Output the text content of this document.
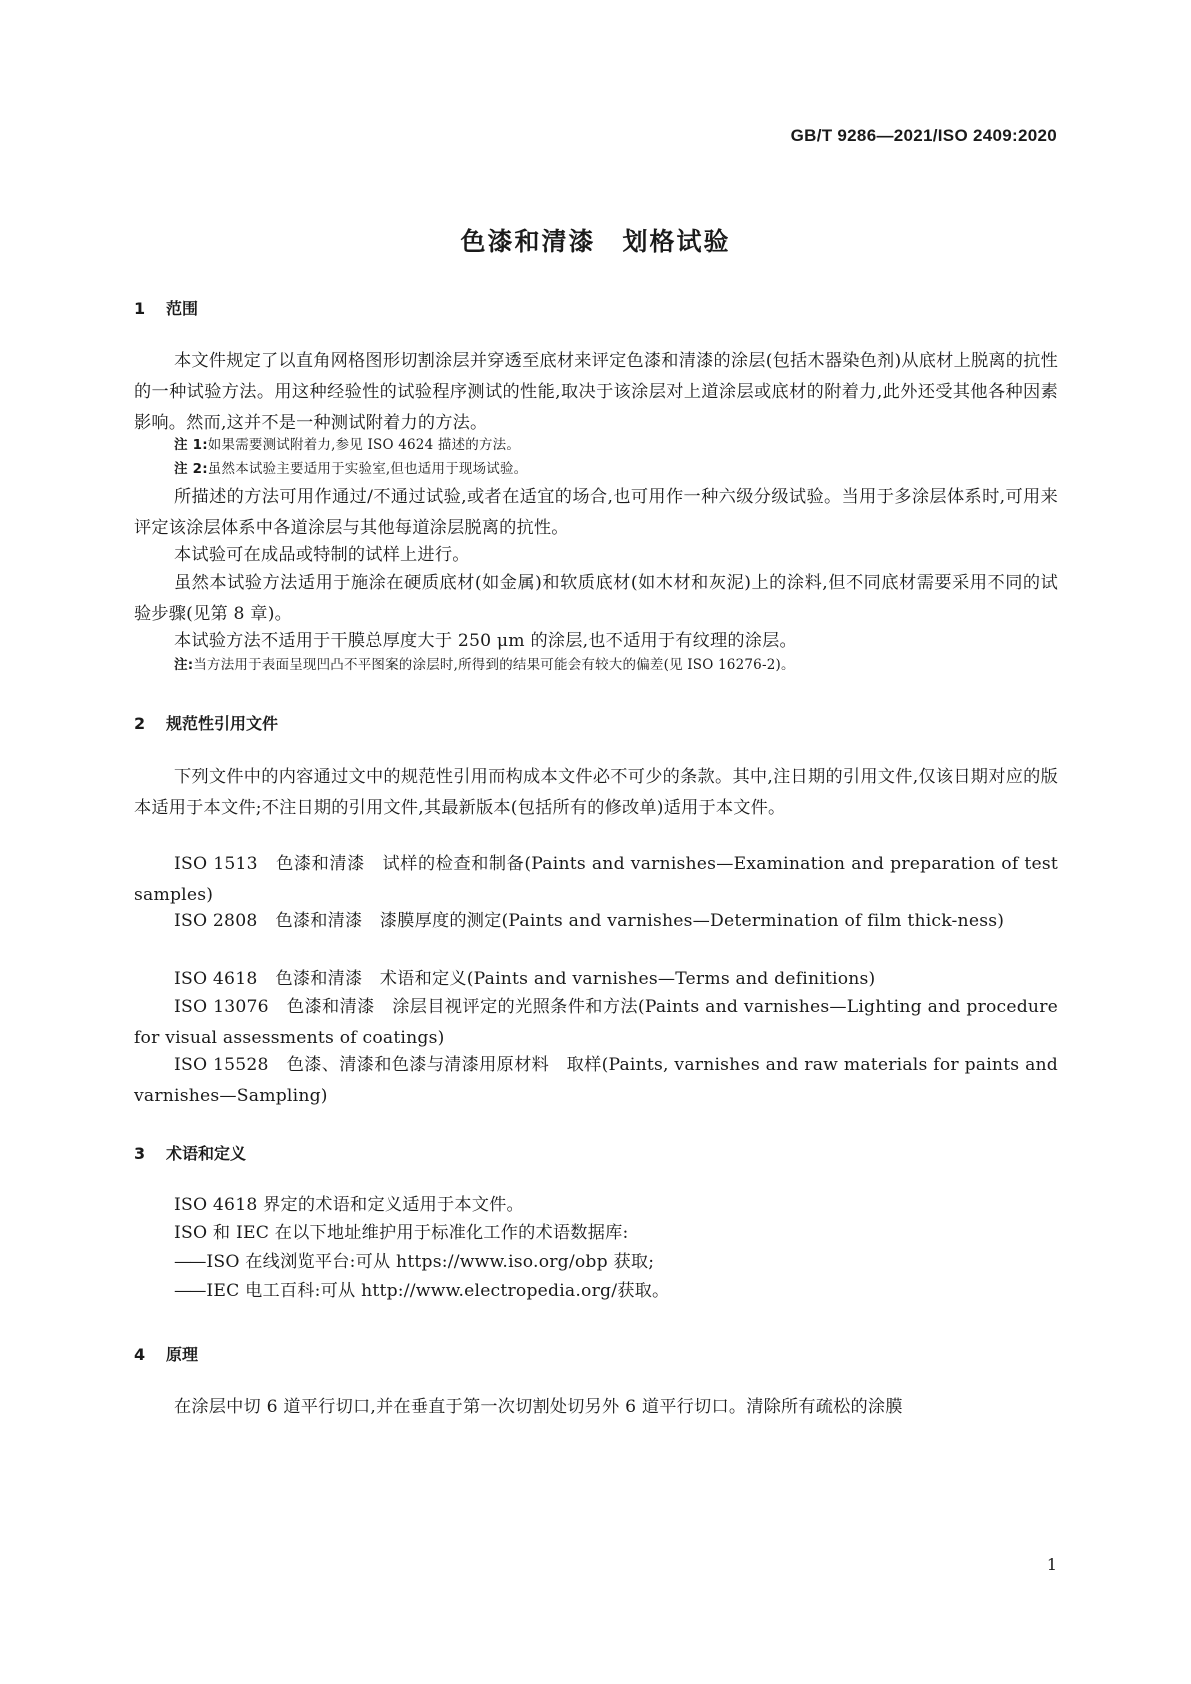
GB/T 9286—2021/ISO 2409:2020
色漆和清漆　划格试验
1 范围
本文件规定了以直角网格图形切割涂层并穿透至底材来评定色漆和清漆的涂层(包括木器染色剂)从底材上脱离的抗性的一种试验方法。用这种经验性的试验程序测试的性能,取决于该涂层对上道涂层或底材的附着力,此外还受其他各种因素影响。然而,这并不是一种测试附着力的方法。
注 1:如果需要测试附着力,参见 ISO 4624 描述的方法。
注 2:虽然本试验主要适用于实验室,但也适用于现场试验。
所描述的方法可用作通过/不通过试验,或者在适宜的场合,也可用作一种六级分级试验。当用于多涂层体系时,可用来评定该涂层体系中各道涂层与其他每道涂层脱离的抗性。
本试验可在成品或特制的试样上进行。
虽然本试验方法适用于施涂在硬质底材(如金属)和软质底材(如木材和灰泥)上的涂料,但不同底材需要采用不同的试验步骤(见第 8 章)。
本试验方法不适用于干膜总厚度大于 250 μm 的涂层,也不适用于有纹理的涂层。
注:当方法用于表面呈现凹凸不平图案的涂层时,所得到的结果可能会有较大的偏差(见 ISO 16276-2)。
2 规范性引用文件
下列文件中的内容通过文中的规范性引用而构成本文件必不可少的条款。其中,注日期的引用文件,仅该日期对应的版本适用于本文件;不注日期的引用文件,其最新版本(包括所有的修改单)适用于本文件。
ISO 1513 色漆和清漆　试样的检查和制备(Paints and varnishes—Examination and preparation of test samples)
ISO 2808 色漆和清漆　漆膜厚度的测定(Paints and varnishes—Determination of film thick-ness)
ISO 4618 色漆和清漆　术语和定义(Paints and varnishes—Terms and definitions)
ISO 13076 色漆和清漆　涂层目视评定的光照条件和方法(Paints and varnishes—Lighting and procedure for visual assessments of coatings)
ISO 15528 色漆、清漆和色漆与清漆用原材料　取样(Paints, varnishes and raw materials for paints and varnishes—Sampling)
3 术语和定义
ISO 4618 界定的术语和定义适用于本文件。
ISO 和 IEC 在以下地址维护用于标准化工作的术语数据库:
—— ISO 在线浏览平台:可从 https://www.iso.org/obp 获取;
—— IEC 电工百科:可从 http://www.electropedia.org/获取。
4 原理
在涂层中切 6 道平行切口,并在垂直于第一次切割处切另外 6 道平行切口。清除所有疏松的涂膜
1
